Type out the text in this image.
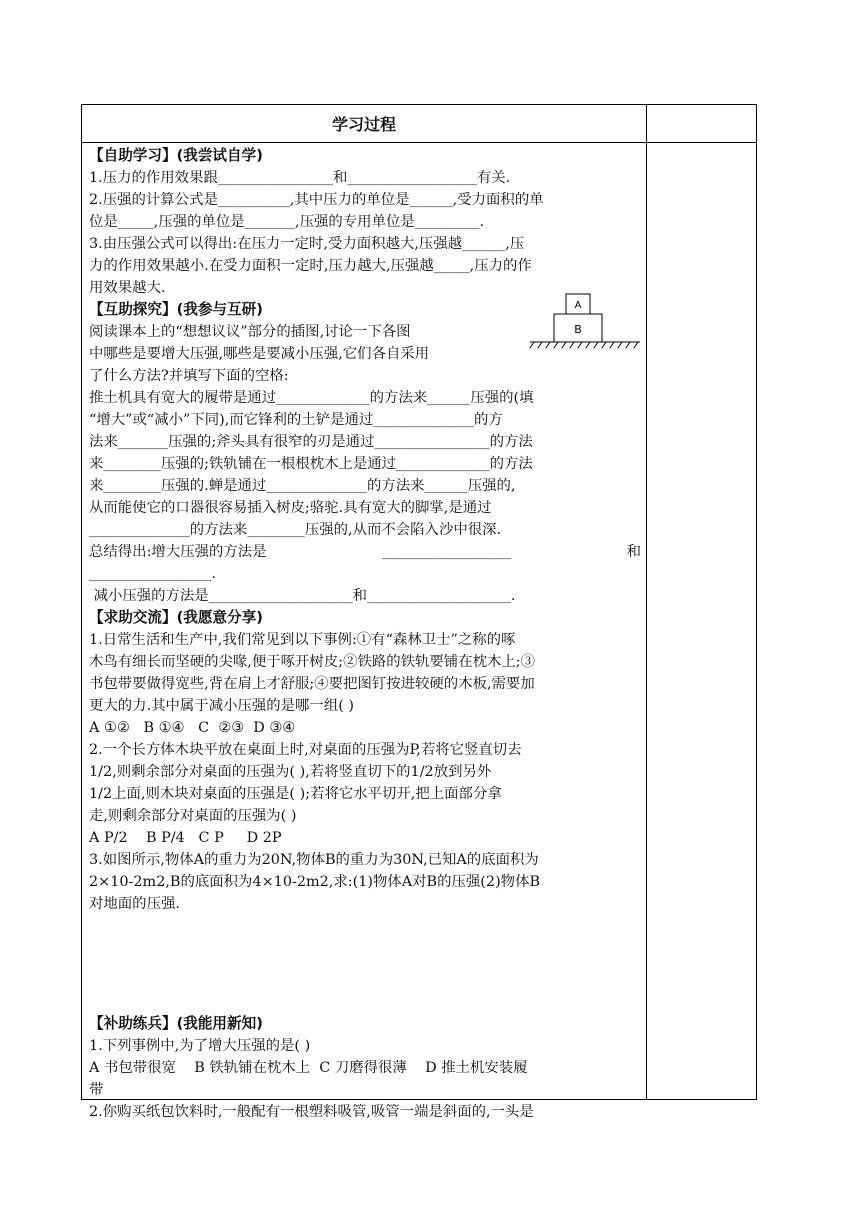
学习过程
A
B
【自助学习】(我尝试自学)
1.压力的作用效果跟________________和__________________有关.
2.压强的计算公式是__________,其中压力的单位是______,受力面积的单
位是_____,压强的单位是_______,压强的专用单位是_________.
3.由压强公式可以得出:在压力一定时,受力面积越大,压强越______,压
力的作用效果越小.在受力面积一定时,压力越大,压强越_____,压力的作
用效果越大.
【互助探究】(我参与互研)
阅读课本上的“想想议议”部分的插图,讨论一下各图
中哪些是要增大压强,哪些是要减小压强,它们各自采用
了什么方法?并填写下面的空格:
推土机具有宽大的履带是通过_____________的方法来______压强的(填
“增大”或“减小”下同),而它锋利的土铲是通过______________的方
法来_______压强的;斧头具有很窄的刃是通过________________的方法
来________压强的;铁轨铺在一根根枕木上是通过_____________的方法
来________压强的.蝉是通过______________的方法来______压强的,
从而能使它的口器很容易插入树皮;骆驼.具有宽大的脚掌,是通过
______________的方法来________压强的,从而不会陷入沙中很深.
总结得出:增大压强的方法是	__________________	和
_________________.
减小压强的方法是____________________和____________________.
【求助交流】(我愿意分享)
1.日常生活和生产中,我们常见到以下事例:①有“森林卫士”之称的啄
木鸟有细长而坚硬的尖喙,便于啄开树皮;②铁路的铁轨要铺在枕木上;③
书包带要做得宽些,背在肩上才舒服;④要把图钉按进较硬的木板,需要加
更大的力.其中属于减小压强的是哪一组( )
A ①②   B ①④   C  ②③  D ③④
2.一个长方体木块平放在桌面上时,对桌面的压强为P,若将它竖直切去
1/2,则剩余部分对桌面的压强为( ),若将竖直切下的1/2放到另外
1/2上面,则木块对桌面的压强是( );若将它水平切开,把上面部分拿
走,则剩余部分对桌面的压强为( )
A P/2    B P/4   C P     D 2P
3.如图所示,物体A的重力为20N,物体B的重力为30N,已知A的底面积为
2×10-2m2,B的底面积为4×10-2m2,求:(1)物体A对B的压强(2)物体B
对地面的压强.
【补助练兵】(我能用新知)
1.下列事例中,为了增大压强的是( )
A 书包带很宽    B 铁轨铺在枕木上  C 刀磨得很薄    D 推土机安装履
带
2.你购买纸包饮料时,一般配有一根塑料吸管,吸管一端是斜面的,一头是
